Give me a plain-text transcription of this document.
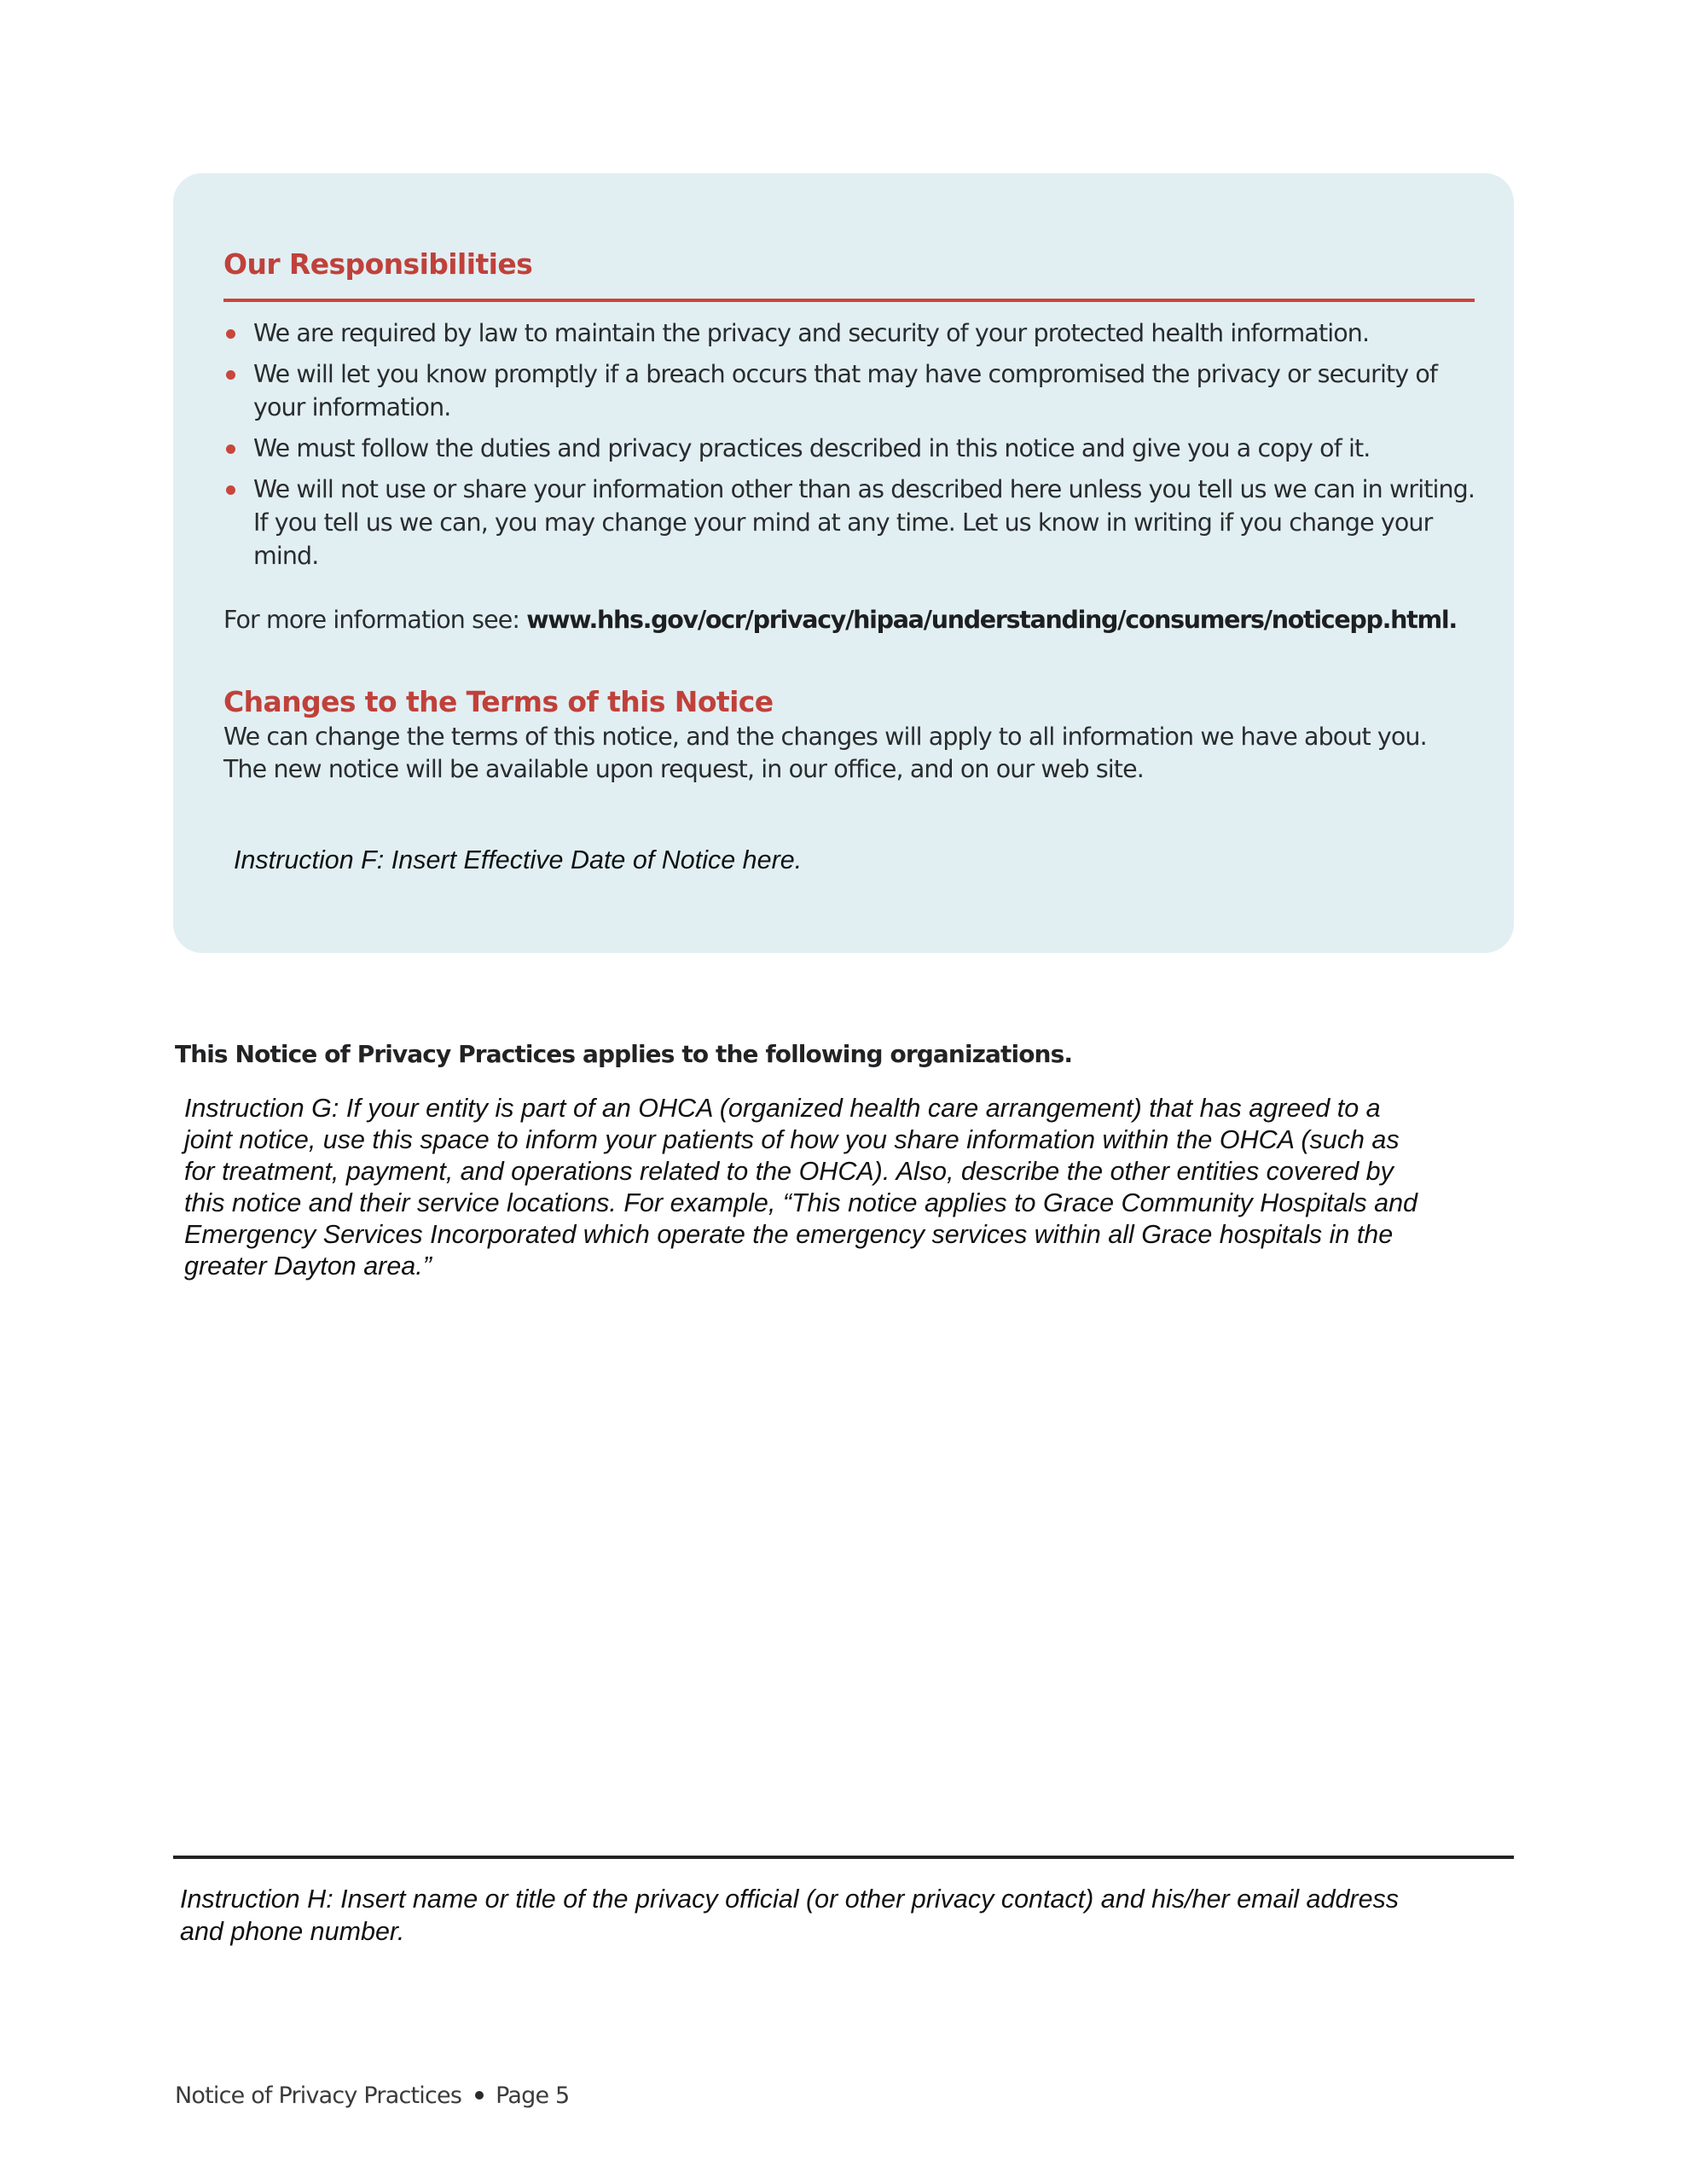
Our Responsibilities
We are required by law to maintain the privacy and security of your protected health information.
We will let you know promptly if a breach occurs that may have compromised the privacy or security of your information.
We must follow the duties and privacy practices described in this notice and give you a copy of it.
We will not use or share your information other than as described here unless you tell us we can in writing. If you tell us we can, you may change your mind at any time. Let us know in writing if you change your mind.

For more information see: www.hhs.gov/ocr/privacy/hipaa/understanding/consumers/noticepp.html.

Changes to the Terms of this Notice

We can change the terms of this notice, and the changes will apply to all information we have about you.

The new notice will be available upon request, in our office, and on our web site.

Instruction F: Insert Effective Date of Notice here.

This Notice of Privacy Practices applies to the following organizations.

Instruction G: If your entity is part of an OHCA (organized health care arrangement) that has agreed to a

joint notice, use this space to inform your patients of how you share information within the OHCA (such as

for treatment, payment, and operations related to the OHCA). Also, describe the other entities covered by

this notice and their service locations. For example, “This notice applies to Grace Community Hospitals and

Emergency Services Incorporated which operate the emergency services within all Grace hospitals in the

greater Dayton area.”

Instruction H: Insert name or title of the privacy official (or other privacy contact) and his/her email address

and phone number.

Notice of Privacy Practices Page 5
